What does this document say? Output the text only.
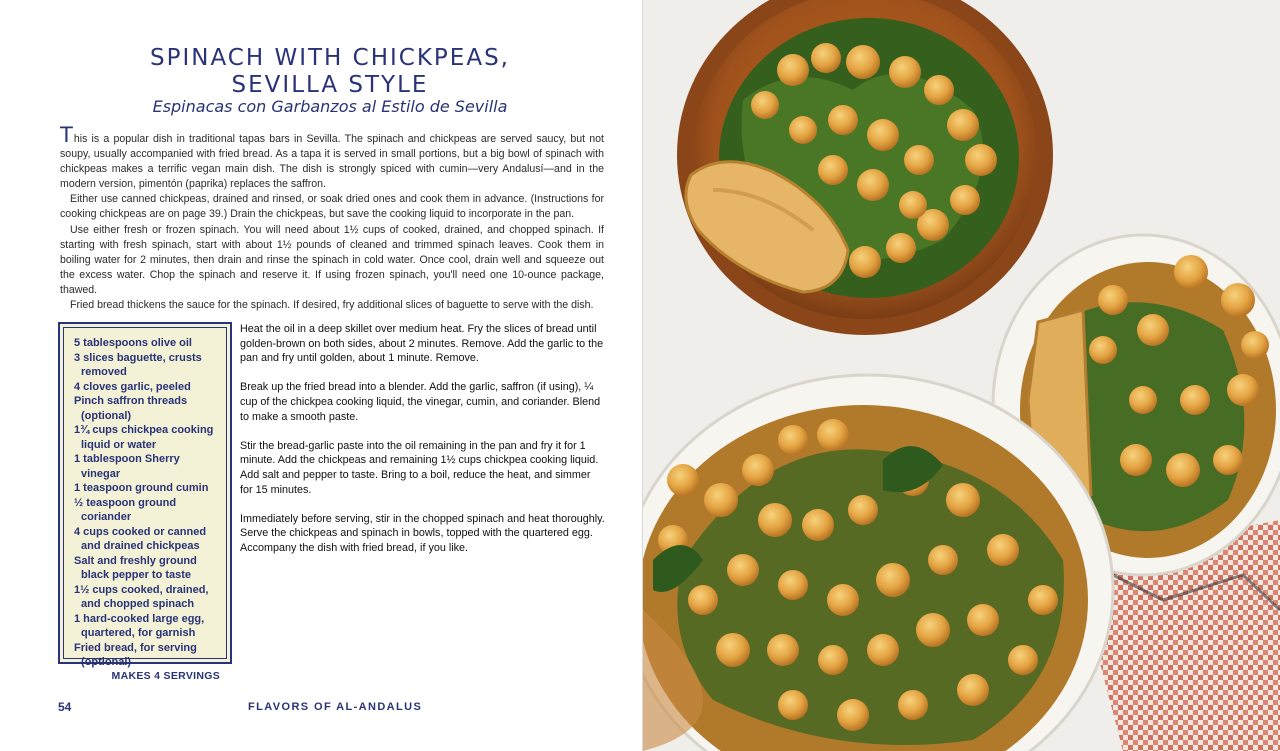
SPINACH WITH CHICKPEAS,
SEVILLA STYLE
Espinacas con Garbanzos al Estilo de Sevilla

This is a popular dish in traditional tapas bars in Sevilla. The spinach and chickpeas are served saucy, but not soupy, usually accompanied with fried bread. As a tapa it is served in small portions, but a big bowl of spinach with chickpeas makes a terrific vegan main dish. The dish is strongly spiced with cumin—very Andalusí—and in the modern version, pimentón (paprika) replaces the saffron.

Either use canned chickpeas, drained and rinsed, or soak dried ones and cook them in advance. (Instructions for cooking chickpeas are on page 39.) Drain the chickpeas, but save the cooking liquid to incorporate in the pan.

Use either fresh or frozen spinach. You will need about 1½ cups of cooked, drained, and chopped spinach. If starting with fresh spinach, start with about 1½ pounds of cleaned and trimmed spinach leaves. Cook them in boiling water for 2 minutes, then drain and rinse the spinach in cold water. Once cool, drain well and squeeze out the excess water. Chop the spinach and reserve it. If using frozen spinach, you'll need one 10-ounce package, thawed.

Fried bread thickens the sauce for the spinach. If desired, fry additional slices of baguette to serve with the dish.

5 tablespoons olive oil
3 slices baguette, crusts removed
4 cloves garlic, peeled
Pinch saffron threads (optional)
1¾ cups chickpea cooking liquid or water
1 tablespoon Sherry vinegar
1 teaspoon ground cumin
½ teaspoon ground coriander
4 cups cooked or canned and drained chickpeas
Salt and freshly ground black pepper to taste
1½ cups cooked, drained, and chopped spinach
1 hard-cooked large egg, quartered, for garnish
Fried bread, for serving (optional)
MAKES 4 SERVINGS

Heat the oil in a deep skillet over medium heat. Fry the slices of bread until golden-brown on both sides, about 2 minutes. Remove. Add the garlic to the pan and fry until golden, about 1 minute. Remove.

Break up the fried bread into a blender. Add the garlic, saffron (if using), ¼ cup of the chickpea cooking liquid, the vinegar, cumin, and coriander. Blend to make a smooth paste.

Stir the bread-garlic paste into the oil remaining in the pan and fry it for 1 minute. Add the chickpeas and remaining 1½ cups chickpea cooking liquid. Add salt and pepper to taste. Bring to a boil, reduce the heat, and simmer for 15 minutes.

Immediately before serving, stir in the chopped spinach and heat thoroughly. Serve the chickpeas and spinach in bowls, topped with the quartered egg. Accompany the dish with fried bread, if you like.

54	FLAVORS OF AL-ANDALUS
